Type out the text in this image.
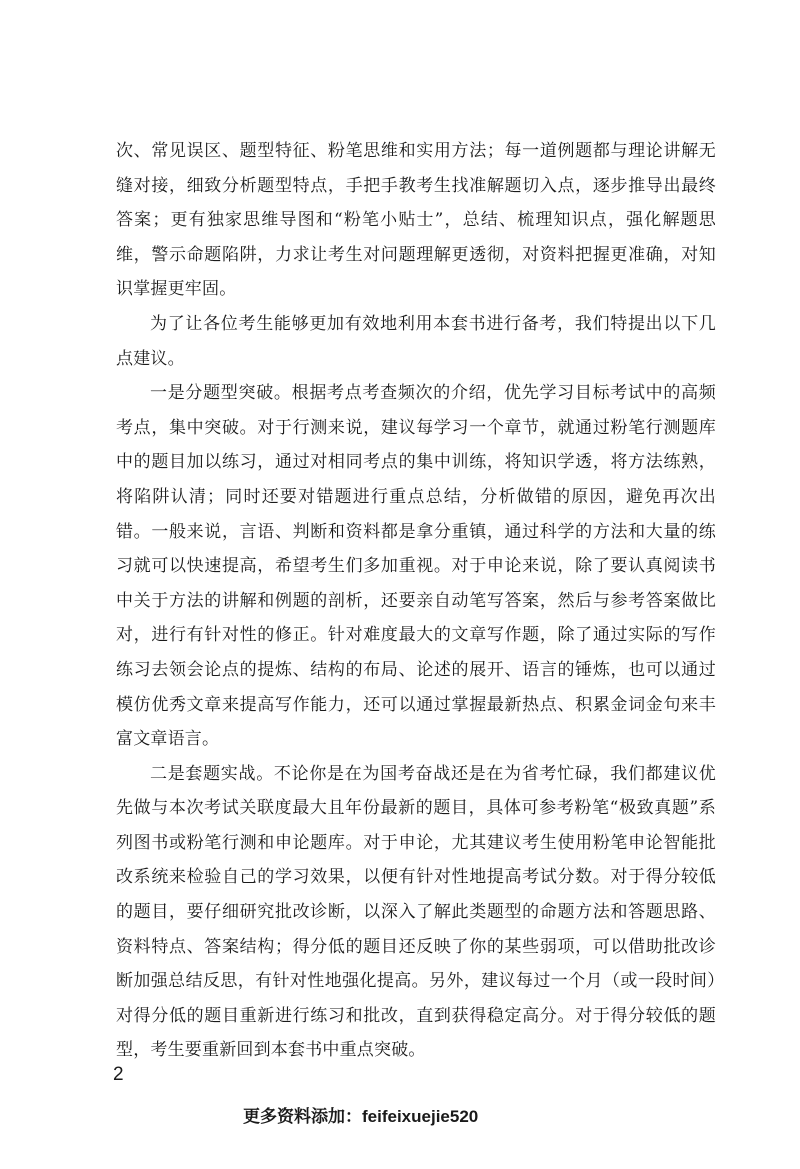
次、常见误区、题型特征、粉笔思维和实用方法；每一道例题都与理论讲解无缝对接，细致分析题型特点，手把手教考生找准解题切入点，逐步推导出最终答案；更有独家思维导图和“粉笔小贴士”，总结、梳理知识点，强化解题思维，警示命题陷阱，力求让考生对问题理解更透彻，对资料把握更准确，对知识掌握更牢固。

为了让各位考生能够更加有效地利用本套书进行备考，我们特提出以下几点建议。

一是分题型突破。根据考点考查频次的介绍，优先学习目标考试中的高频考点，集中突破。对于行测来说，建议每学习一个章节，就通过粉笔行测题库中的题目加以练习，通过对相同考点的集中训练，将知识学透，将方法练熟，将陷阱认清；同时还要对错题进行重点总结，分析做错的原因，避免再次出错。一般来说，言语、判断和资料都是拿分重镇，通过科学的方法和大量的练习就可以快速提高，希望考生们多加重视。对于申论来说，除了要认真阅读书中关于方法的讲解和例题的剖析，还要亲自动笔写答案，然后与参考答案做比对，进行有针对性的修正。针对难度最大的文章写作题，除了通过实际的写作练习去领会论点的提炼、结构的布局、论述的展开、语言的锤炼，也可以通过模仿优秀文章来提高写作能力，还可以通过掌握最新热点、积累金词金句来丰富文章语言。

二是套题实战。不论你是在为国考奋战还是在为省考忙碌，我们都建议优先做与本次考试关联度最大且年份最新的题目，具体可参考粉笔“极致真题”系列图书或粉笔行测和申论题库。对于申论，尤其建议考生使用粉笔申论智能批改系统来检验自己的学习效果，以便有针对性地提高考试分数。对于得分较低的题目，要仔细研究批改诊断，以深入了解此类题型的命题方法和答题思路、资料特点、答案结构；得分低的题目还反映了你的某些弱项，可以借助批改诊断加强总结反思，有针对性地强化提高。另外，建议每过一个月（或一段时间）对得分低的题目重新进行练习和批改，直到获得稳定高分。对于得分较低的题型，考生要重新回到本套书中重点突破。

2
更多资料添加：feifeixuejie520
